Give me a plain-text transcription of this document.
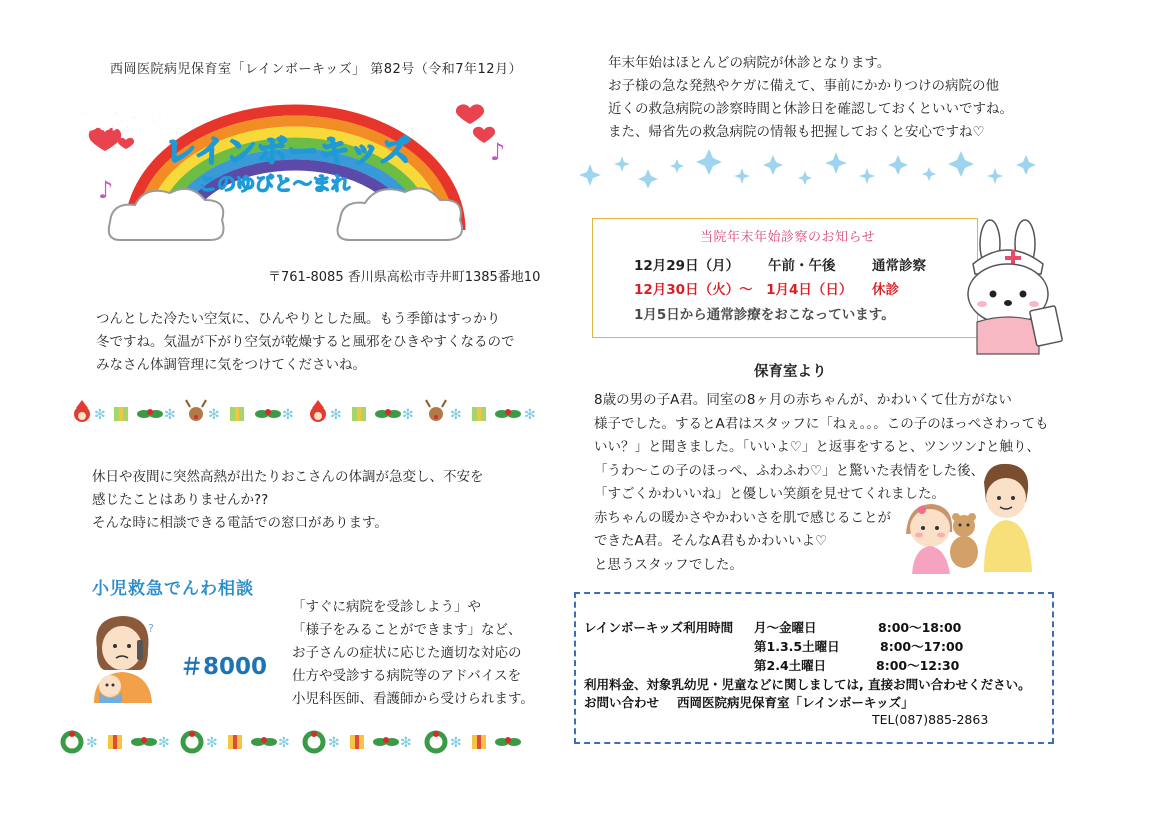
西岡医院病児保育室「レインボーキッズ」 第82号（令和7年12月）
♪
♪
病児保育室
レインボーキッズ
このゆびと〜まれ
〒761-8085 香川県高松市寺井町1385番地10
つんとした冷たい空気に、ひんやりとした風。もう季節はすっかり
冬ですね。気温が下がり空気が乾燥すると風邪をひきやすくなるので
みなさん体調管理に気をつけてくださいね。
✻	✻ ✻	✻	✻	✻	✻	✻
休日や夜間に突然高熱が出たりおこさんの体調が急変し、不安を
感じたことはありませんか??
そんな時に相談できる電話での窓口があります。
小児救急でんわ相談
?
＃8000
「すぐに病院を受診しよう」や
「様子をみることができます」など、
お子さんの症状に応じた適切な対応の
仕方や受診する病院等のアドバイスを
小児科医師、看護師から受けられます。
✻	✻	✻	✻	✻	✻	✻
年末年始はほとんどの病院が休診となります。
お子様の急な発熱やケガに備えて、事前にかかりつけの病院の他
近くの救急病院の診察時間と休診日を確認しておくといいですね。
また、帰省先の救急病院の情報も把握しておくと安心ですね♡
当院年末年始診察のお知らせ
12月29日（月） 午前・午後	通常診察
12月30日（火）〜　1月4日（日） 休診
1月5日から通常診療をおこなっています。
保育室より
8歳の男の子A君。同室の8ヶ月の赤ちゃんが、かわいくて仕方がない
様子でした。するとA君はスタッフに「ねぇ。。。この子のほっぺさわっても
いい？」と聞きました。「いいよ♡」と返事をすると、ツンツン♪と触り、
「うわ～この子のほっぺ、ふわふわ♡」と驚いた表情をした後、
「すごくかわいいね」と優しい笑顔を見せてくれました。
赤ちゃんの暖かさやかわいさを肌で感じることが
できたA君。そんなA君もかわいいよ♡
と思うスタッフでした。
レインボーキッズ利用時間 月～金曜日	8:00～18:00
第1.3.5土曜日	8:00～17:00
第2.4土曜日	8:00～12:30
利用料金、対象乳幼児・児童などに関しましては, 直接お問い合わせください。
お問い合わせ 西岡医院病児保育室「レインボーキッズ」
TEL(087)885-2863
